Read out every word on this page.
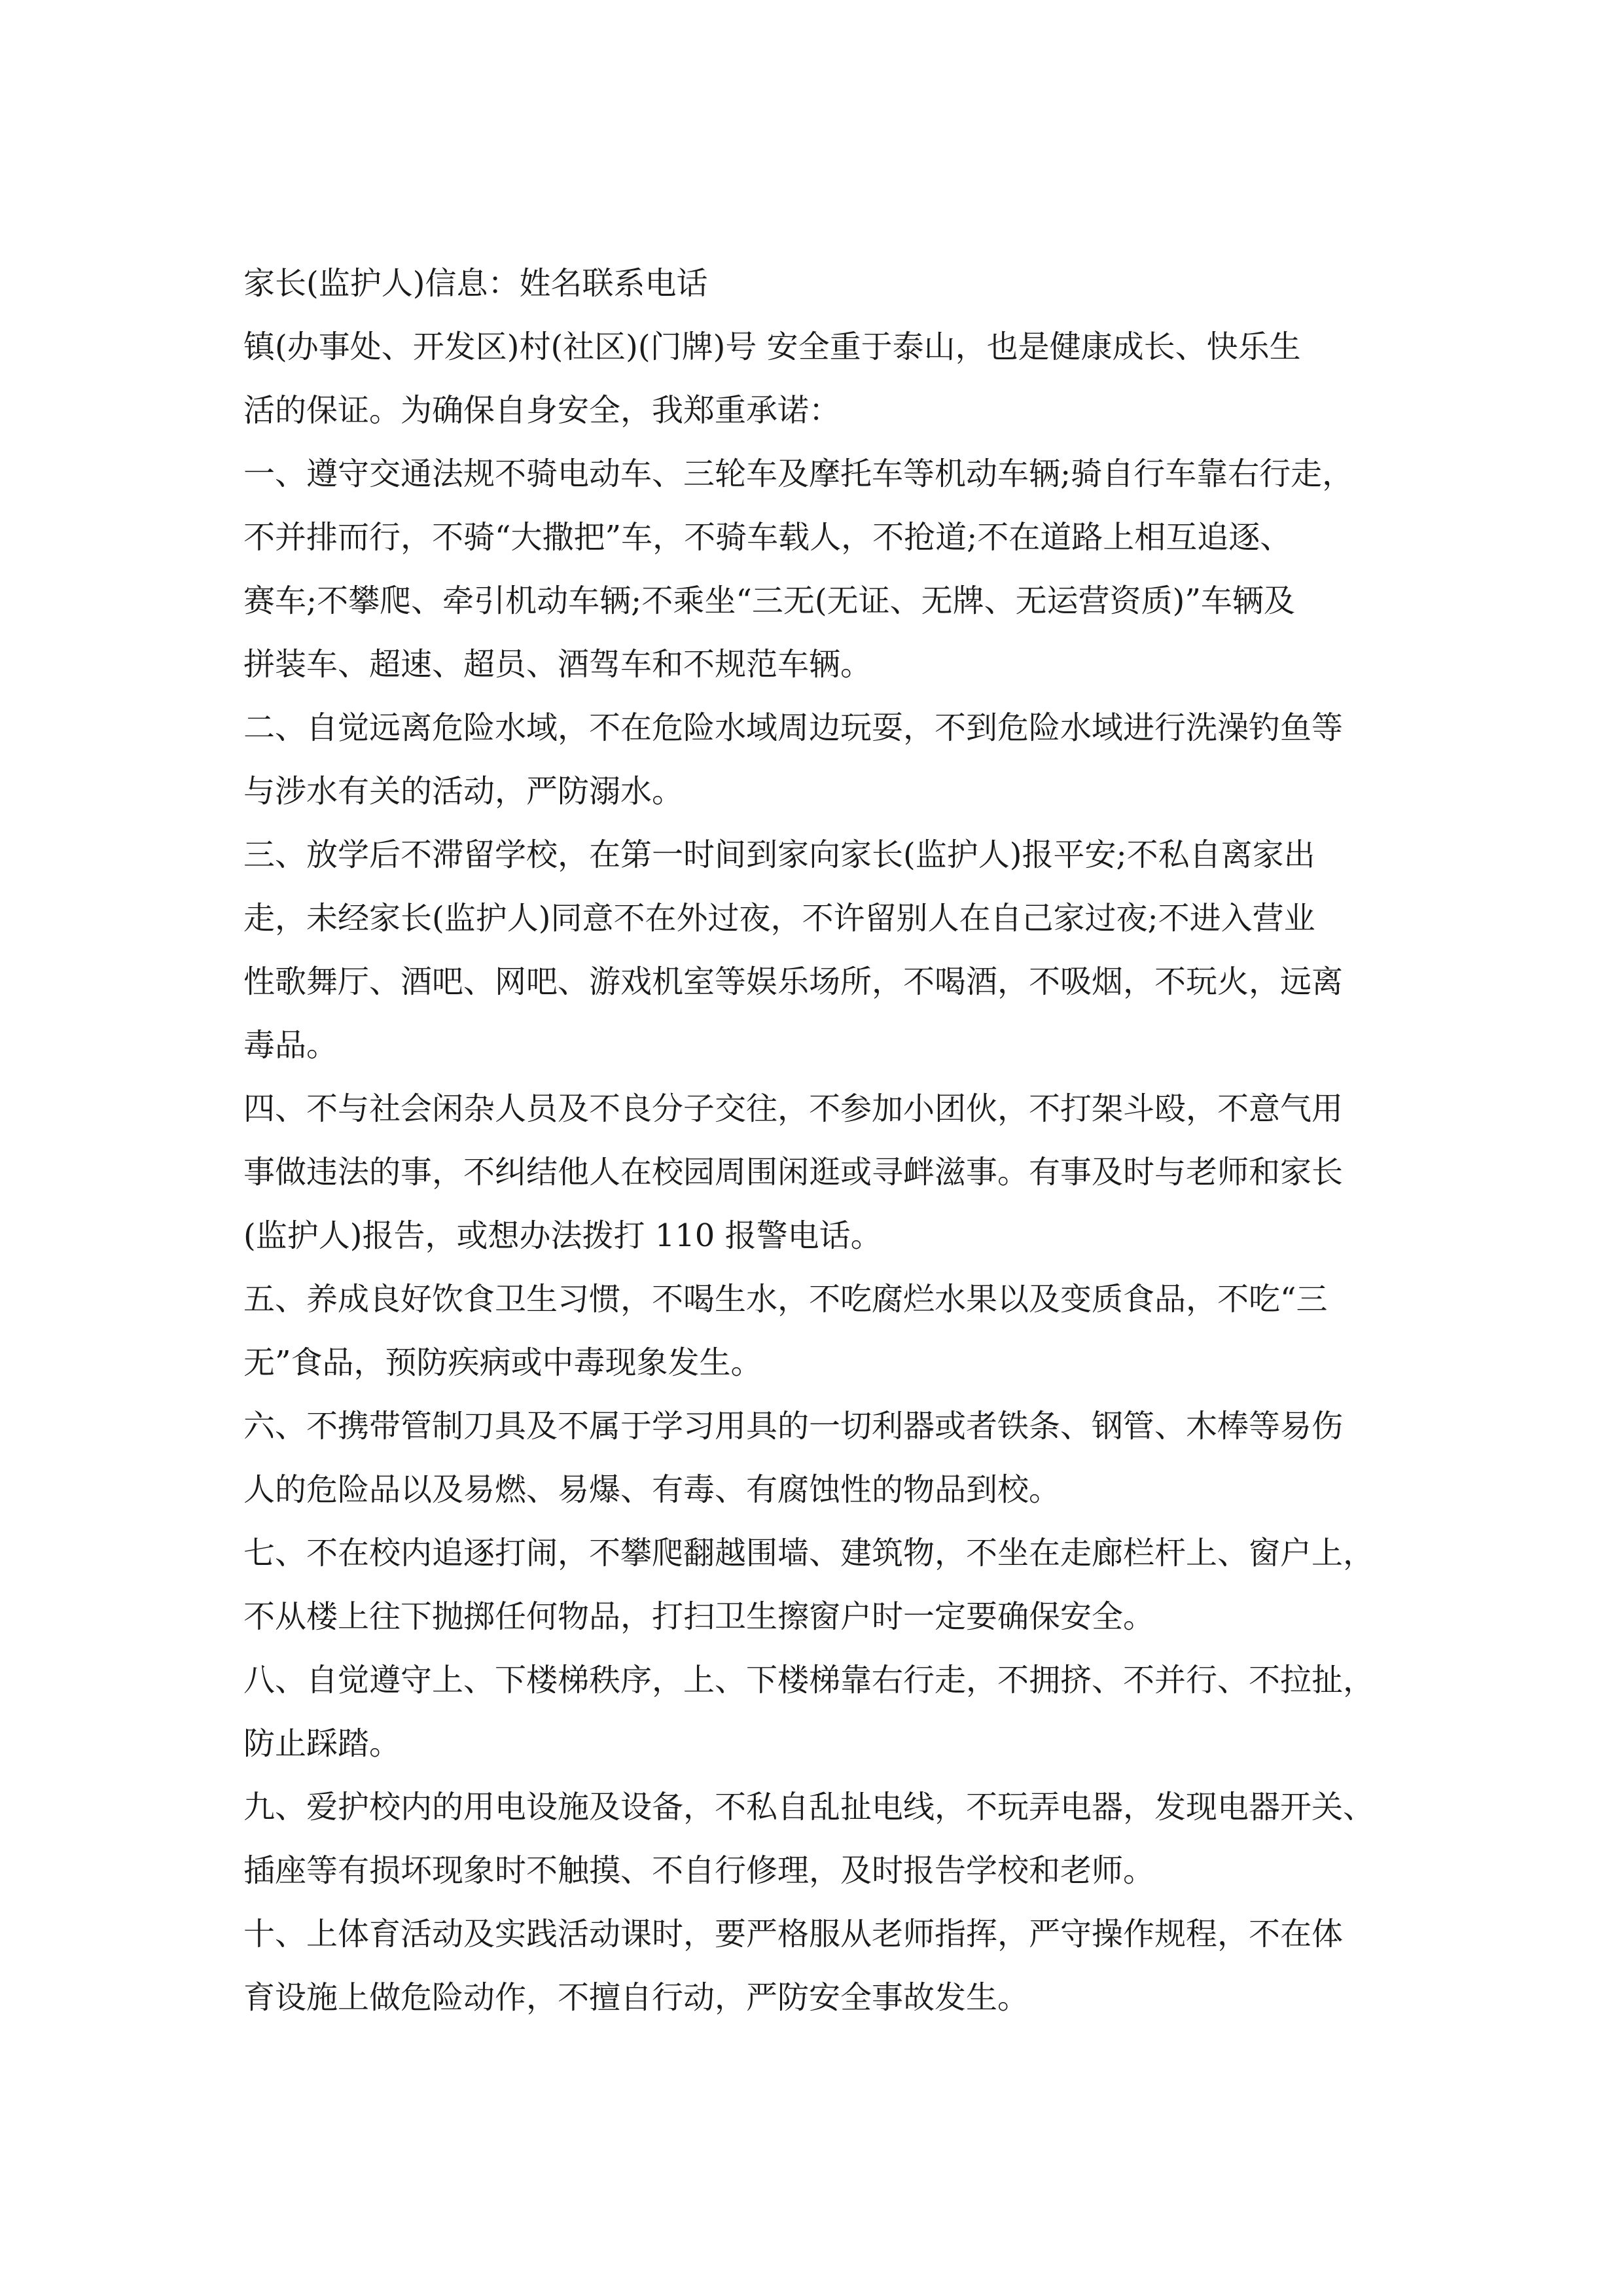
家长(监护人)信息：姓名联系电话

镇(办事处、开发区)村(社区)(门牌)号 安全重于泰山，也是健康成长、快乐生
活的保证。为确保自身安全，我郑重承诺：

一、遵守交通法规不骑电动车、三轮车及摩托车等机动车辆;骑自行车靠右行走，
不并排而行，不骑“大撒把”车，不骑车载人，不抢道;不在道路上相互追逐、
赛车;不攀爬、牵引机动车辆;不乘坐“三无(无证、无牌、无运营资质)”车辆及
拼装车、超速、超员、酒驾车和不规范车辆。

二、自觉远离危险水域，不在危险水域周边玩耍，不到危险水域进行洗澡钓鱼等
与涉水有关的活动，严防溺水。

三、放学后不滞留学校，在第一时间到家向家长(监护人)报平安;不私自离家出
走，未经家长(监护人)同意不在外过夜，不许留别人在自己家过夜;不进入营业
性歌舞厅、酒吧、网吧、游戏机室等娱乐场所，不喝酒，不吸烟，不玩火，远离
毒品。

四、不与社会闲杂人员及不良分子交往，不参加小团伙，不打架斗殴，不意气用
事做违法的事，不纠结他人在校园周围闲逛或寻衅滋事。有事及时与老师和家长
(监护人)报告，或想办法拨打 110 报警电话。

五、养成良好饮食卫生习惯，不喝生水，不吃腐烂水果以及变质食品，不吃“三
无”食品，预防疾病或中毒现象发生。

六、不携带管制刀具及不属于学习用具的一切利器或者铁条、钢管、木棒等易伤
人的危险品以及易燃、易爆、有毒、有腐蚀性的物品到校。

七、不在校内追逐打闹，不攀爬翻越围墙、建筑物，不坐在走廊栏杆上、窗户上，
不从楼上往下抛掷任何物品，打扫卫生擦窗户时一定要确保安全。

八、自觉遵守上、下楼梯秩序，上、下楼梯靠右行走，不拥挤、不并行、不拉扯，
防止踩踏。

九、爱护校内的用电设施及设备，不私自乱扯电线，不玩弄电器，发现电器开关、
插座等有损坏现象时不触摸、不自行修理，及时报告学校和老师。

十、上体育活动及实践活动课时，要严格服从老师指挥，严守操作规程，不在体
育设施上做危险动作，不擅自行动，严防安全事故发生。
